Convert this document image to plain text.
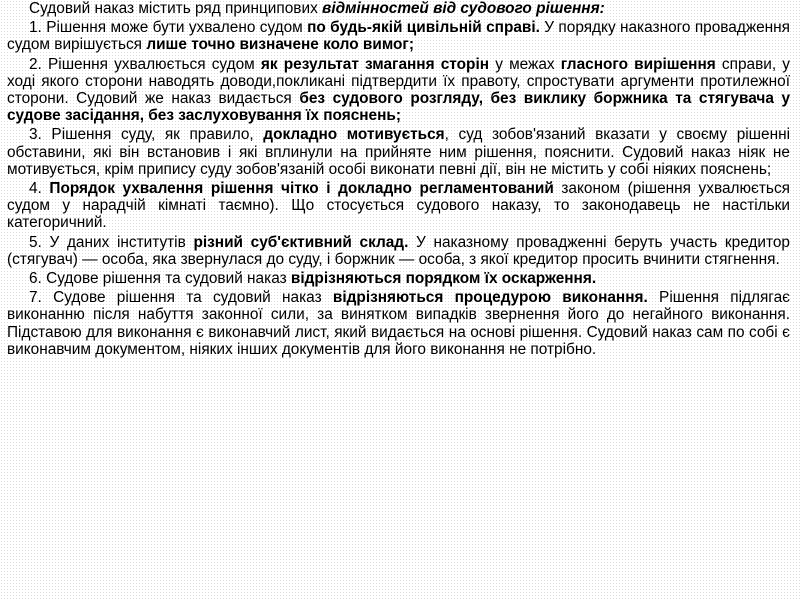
Судовий наказ містить ряд принципових відмінностей від судового рішення:

1. Рішення може бути ухвалено судом по будь-якій цивільній справі. У порядку наказного провадження судом вирішується лише точно визначене коло вимог;

2. Рішення ухвалюється судом як результат змагання сторін у межах гласного вирішення справи, у ході якого сторони наводять доводи,покликані підтвердити їх правоту, спростувати аргументи протилежної сторони. Судовий же наказ видається без судового розгляду, без виклику боржника та стягувача у судове засідання, без заслуховування їх пояснень;

3. Рішення суду, як правило, докладно мотивується, суд зобов'язаний вказати у своєму рішенні обставини, які він встановив і які вплинули на прийняте ним рішення, пояснити. Судовий наказ ніяк не мотивується, крім припису суду зобов'язаній особі виконати певні дії, він не містить у собі ніяких пояснень;

4. Порядок ухвалення рішення чітко і докладно регламентований законом (рішення ухвалюється судом у нарадчій кімнаті таємно). Що стосується судового наказу, то законодавець не настільки категоричний.

5. У даних інститутів різний суб'єктивний склад. У наказному провадженні беруть участь кредитор (стягувач) — особа, яка звернулася до суду, і боржник — особа, з якої кредитор просить вчинити стягнення.

6. Судове рішення та судовий наказ відрізняються порядком їх оскарження.

7. Судове рішення та судовий наказ відрізняються процедурою виконання. Рішення підлягає виконанню після набуття законної сили, за винятком випадків звернення його до негайного виконання. Підставою для виконання є виконавчий лист, який видається на основі рішення. Судовий наказ сам по собі є виконавчим документом, ніяких інших документів для його виконання не потрібно.
